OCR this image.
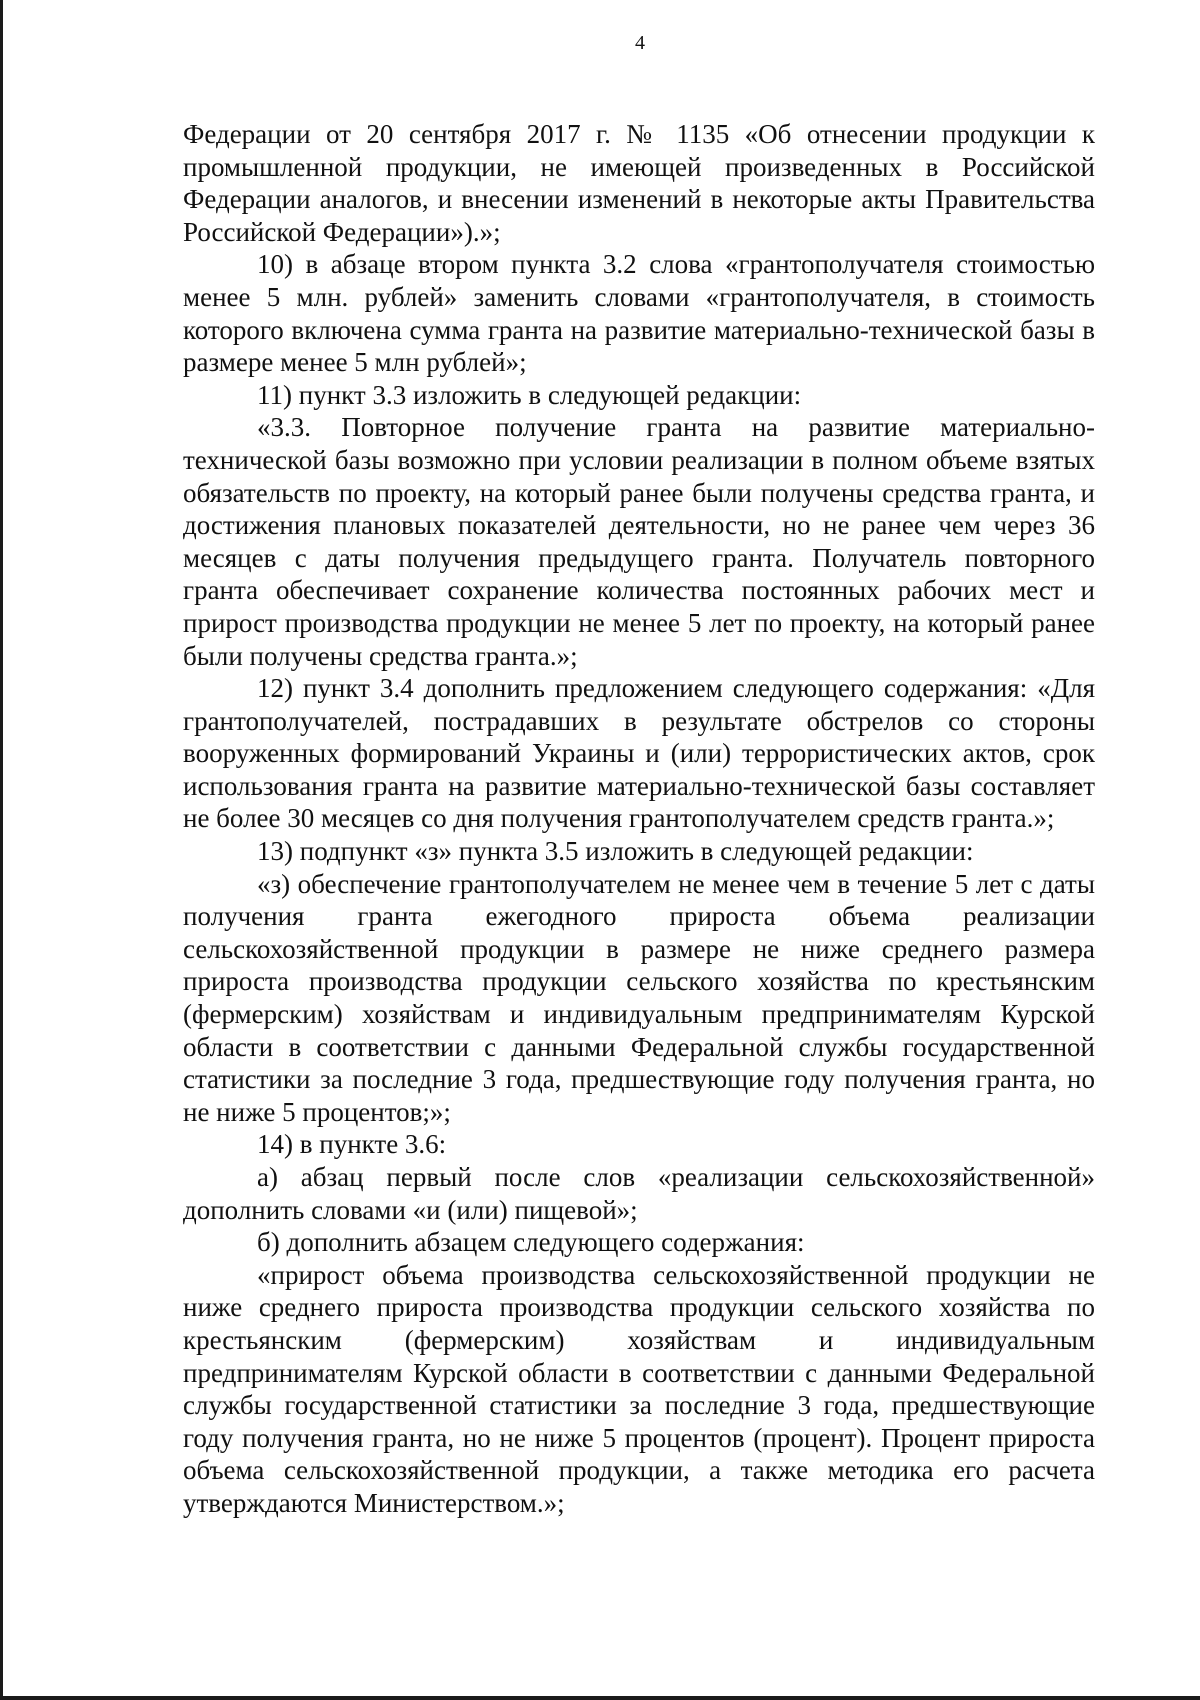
4

Федерации от 20 сентября 2017 г. № 1135 «Об отнесении продукции к промышленной продукции, не имеющей произведенных в Российской Федерации аналогов, и внесении изменений в некоторые акты Правительства Российской Федерации»).»;

10) в абзаце втором пункта 3.2 слова «грантополучателя стоимостью менее 5 млн. рублей» заменить словами «грантополучателя, в стоимость которого включена сумма гранта на развитие материально-технической базы в размере менее 5 млн рублей»;

11) пункт 3.3 изложить в следующей редакции:

«3.3. Повторное получение гранта на развитие материально-технической базы возможно при условии реализации в полном объеме взятых обязательств по проекту, на который ранее были получены средства гранта, и достижения плановых показателей деятельности, но не ранее чем через 36 месяцев с даты получения предыдущего гранта. Получатель повторного гранта обеспечивает сохранение количества постоянных рабочих мест и прирост производства продукции не менее 5 лет по проекту, на который ранее были получены средства гранта.»;

12) пункт 3.4 дополнить предложением следующего содержания: «Для грантополучателей, пострадавших в результате обстрелов со стороны вооруженных формирований Украины и (или) террористических актов, срок использования гранта на развитие материально-технической базы составляет не более 30 месяцев со дня получения грантополучателем средств гранта.»;

13) подпункт «з» пункта 3.5 изложить в следующей редакции:

«з) обеспечение грантополучателем не менее чем в течение 5 лет с даты получения гранта ежегодного прироста объема реализации сельскохозяйственной продукции в размере не ниже среднего размера прироста производства продукции сельского хозяйства по крестьянским (фермерским) хозяйствам и индивидуальным предпринимателям Курской области в соответствии с данными Федеральной службы государственной статистики за последние 3 года, предшествующие году получения гранта, но не ниже 5 процентов;»;

14) в пункте 3.6:

а) абзац первый после слов «реализации сельскохозяйственной» дополнить словами «и (или) пищевой»;

б) дополнить абзацем следующего содержания:

«прирост объема производства сельскохозяйственной продукции не ниже среднего прироста производства продукции сельского хозяйства по крестьянским (фермерским) хозяйствам и индивидуальным предпринимателям Курской области в соответствии с данными Федеральной службы государственной статистики за последние 3 года, предшествующие году получения гранта, но не ниже 5 процентов (процент). Процент прироста объема сельскохозяйственной продукции, а также методика его расчета утверждаются Министерством.»;
